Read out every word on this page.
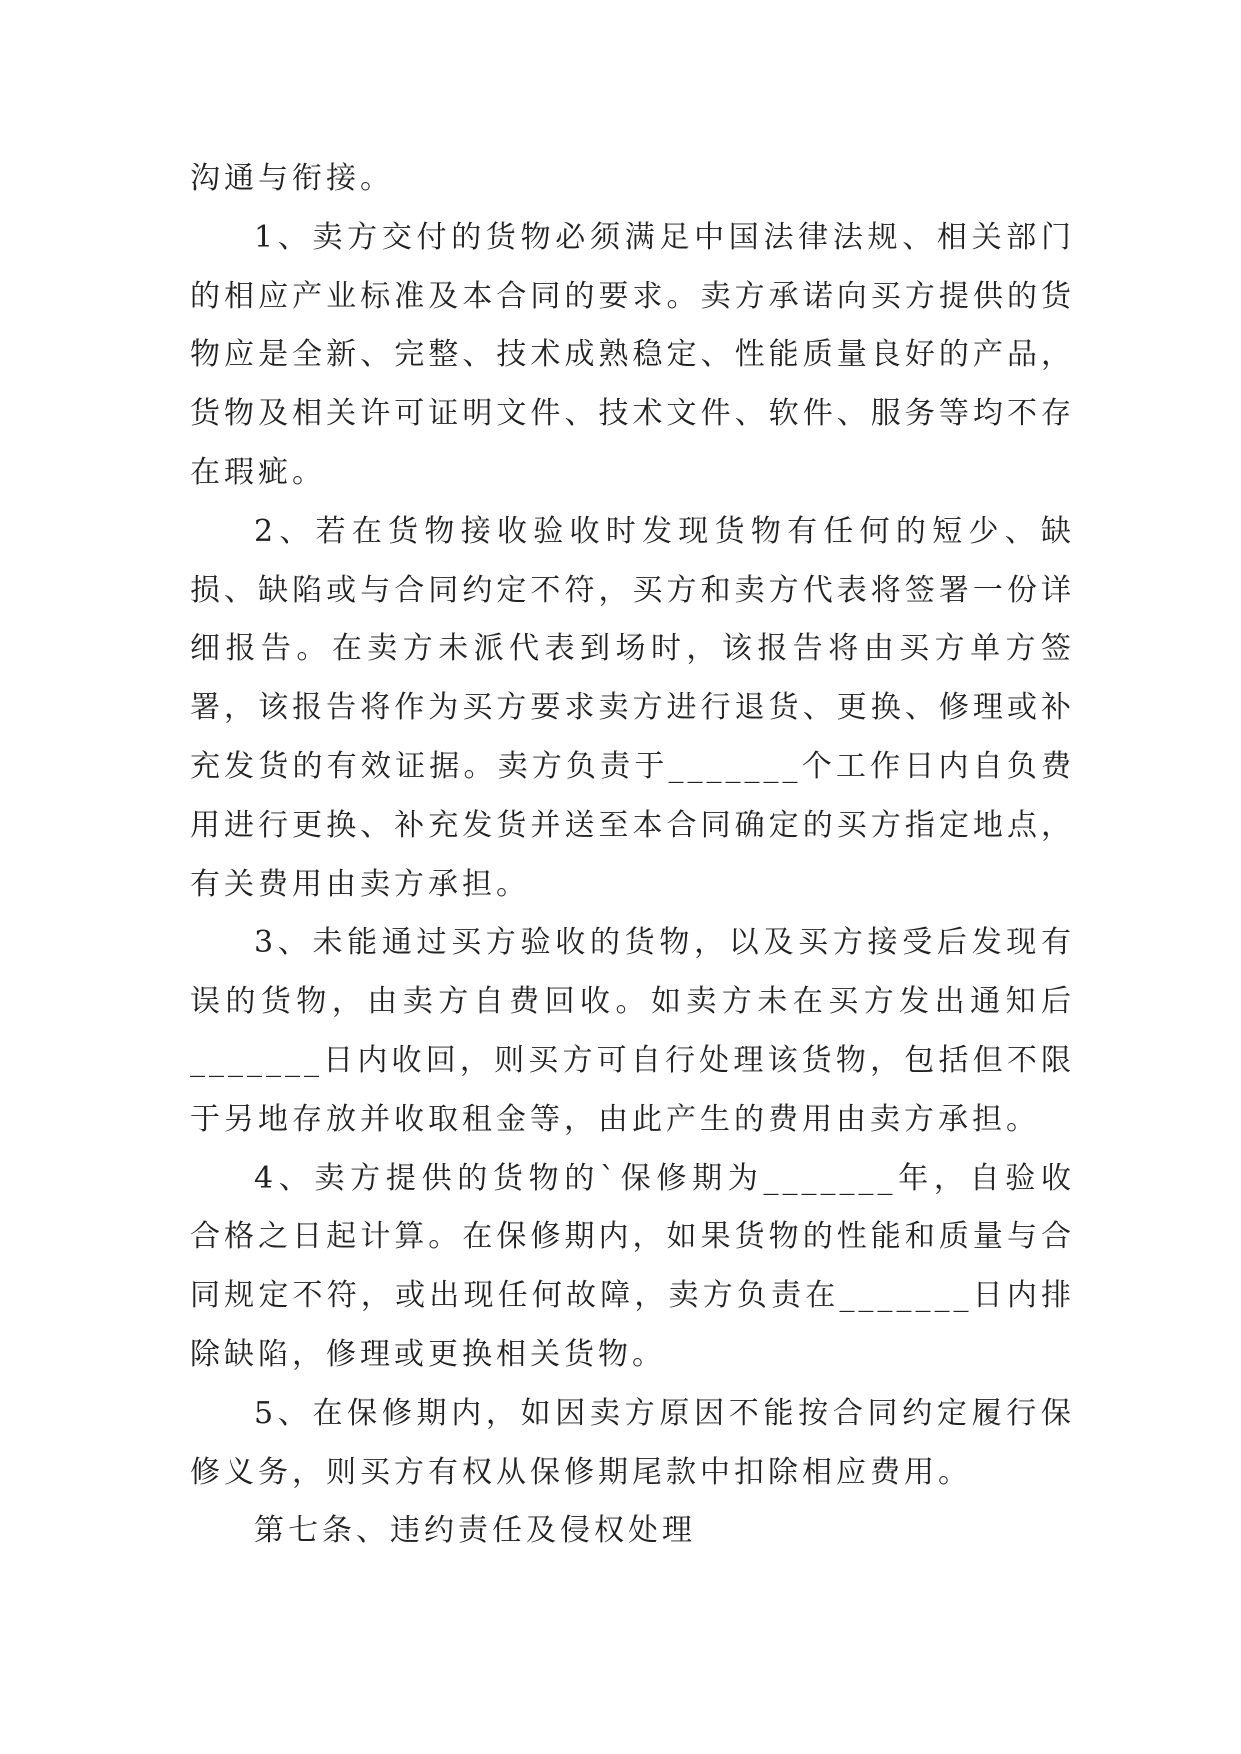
沟通与衔接。

1、卖方交付的货物必须满足中国法律法规、相关部门的相应产业标准及本合同的要求。卖方承诺向买方提供的货物应是全新、完整、技术成熟稳定、性能质量良好的产品，货物及相关许可证明文件、技术文件、软件、服务等均不存在瑕疵。

2、若在货物接收验收时发现货物有任何的短少、缺损、缺陷或与合同约定不符，买方和卖方代表将签署一份详细报告。在卖方未派代表到场时，该报告将由买方单方签署，该报告将作为买方要求卖方进行退货、更换、修理或补充发货的有效证据。卖方负责于_______个工作日内自负费用进行更换、补充发货并送至本合同确定的买方指定地点，有关费用由卖方承担。

3、未能通过买方验收的货物，以及买方接受后发现有误的货物，由卖方自费回收。如卖方未在买方发出通知后_______日内收回，则买方可自行处理该货物，包括但不限于另地存放并收取租金等，由此产生的费用由卖方承担。

4、卖方提供的货物的`保修期为_______年，自验收合格之日起计算。在保修期内，如果货物的性能和质量与合同规定不符，或出现任何故障，卖方负责在_______日内排除缺陷，修理或更换相关货物。

5、在保修期内，如因卖方原因不能按合同约定履行保修义务，则买方有权从保修期尾款中扣除相应费用。

第七条、违约责任及侵权处理
